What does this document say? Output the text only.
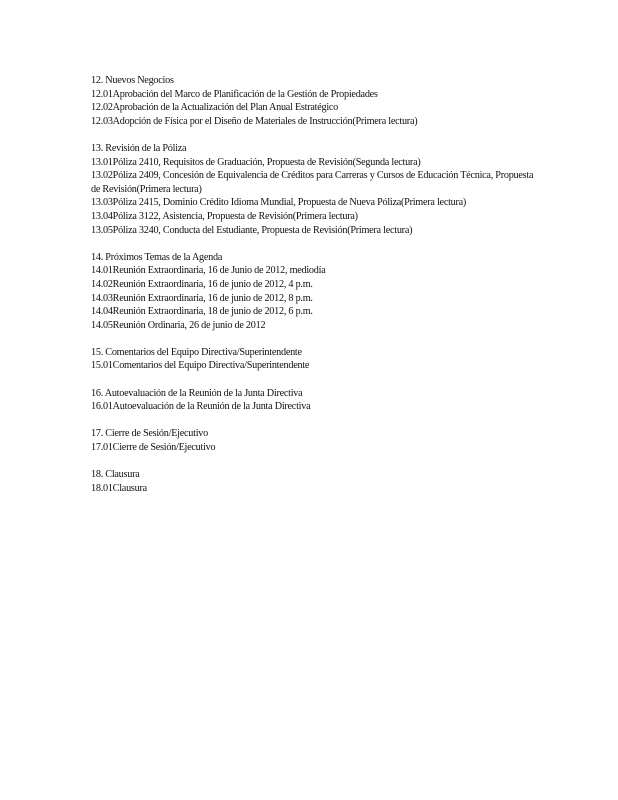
12. Nuevos Negocios
12.01Aprobación del Marco de Planificación de la Gestión de Propiedades
12.02Aprobación de la Actualización del Plan Anual Estratégico
12.03Adopción de Física por el Diseño de Materiales de Instrucción(Primera lectura)
13. Revisión de la Póliza
13.01Póliza 2410, Requisitos de Graduación, Propuesta de Revisión(Segunda lectura)
13.02Póliza 2409, Concesión de Equivalencia de Créditos para Carreras y Cursos de Educación Técnica, Propuesta de Revisión(Primera lectura)
13.03Póliza 2415, Dominio Crédito Idioma Mundial, Propuesta de Nueva Póliza(Primera lectura)
13.04Póliza 3122, Asistencia, Propuesta de Revisión(Primera lectura)
13.05Póliza 3240, Conducta del Estudiante, Propuesta de Revisión(Primera lectura)
14. Próximos Temas de la Agenda
14.01Reunión Extraordinaria, 16 de Junio de 2012, mediodía
14.02Reunión Extraordinaria, 16 de junio de 2012, 4 p.m.
14.03Reunión Extraordinaria, 16 de junio de 2012, 8 p.m.
14.04Reunión Extraordinaria, 18 de junio de 2012, 6 p.m.
14.05Reunión Ordinaria, 26 de junio de 2012
15. Comentarios del Equipo Directiva/Superintendente
15.01Comentarios del Equipo Directiva/Superintendente
16. Autoevaluación de la Reunión de la Junta Directiva
16.01Autoevaluación de la Reunión de la Junta Directiva
17. Cierre de Sesión/Ejecutivo
17.01Cierre de Sesión/Ejecutivo
18. Clausura
18.01Clausura
